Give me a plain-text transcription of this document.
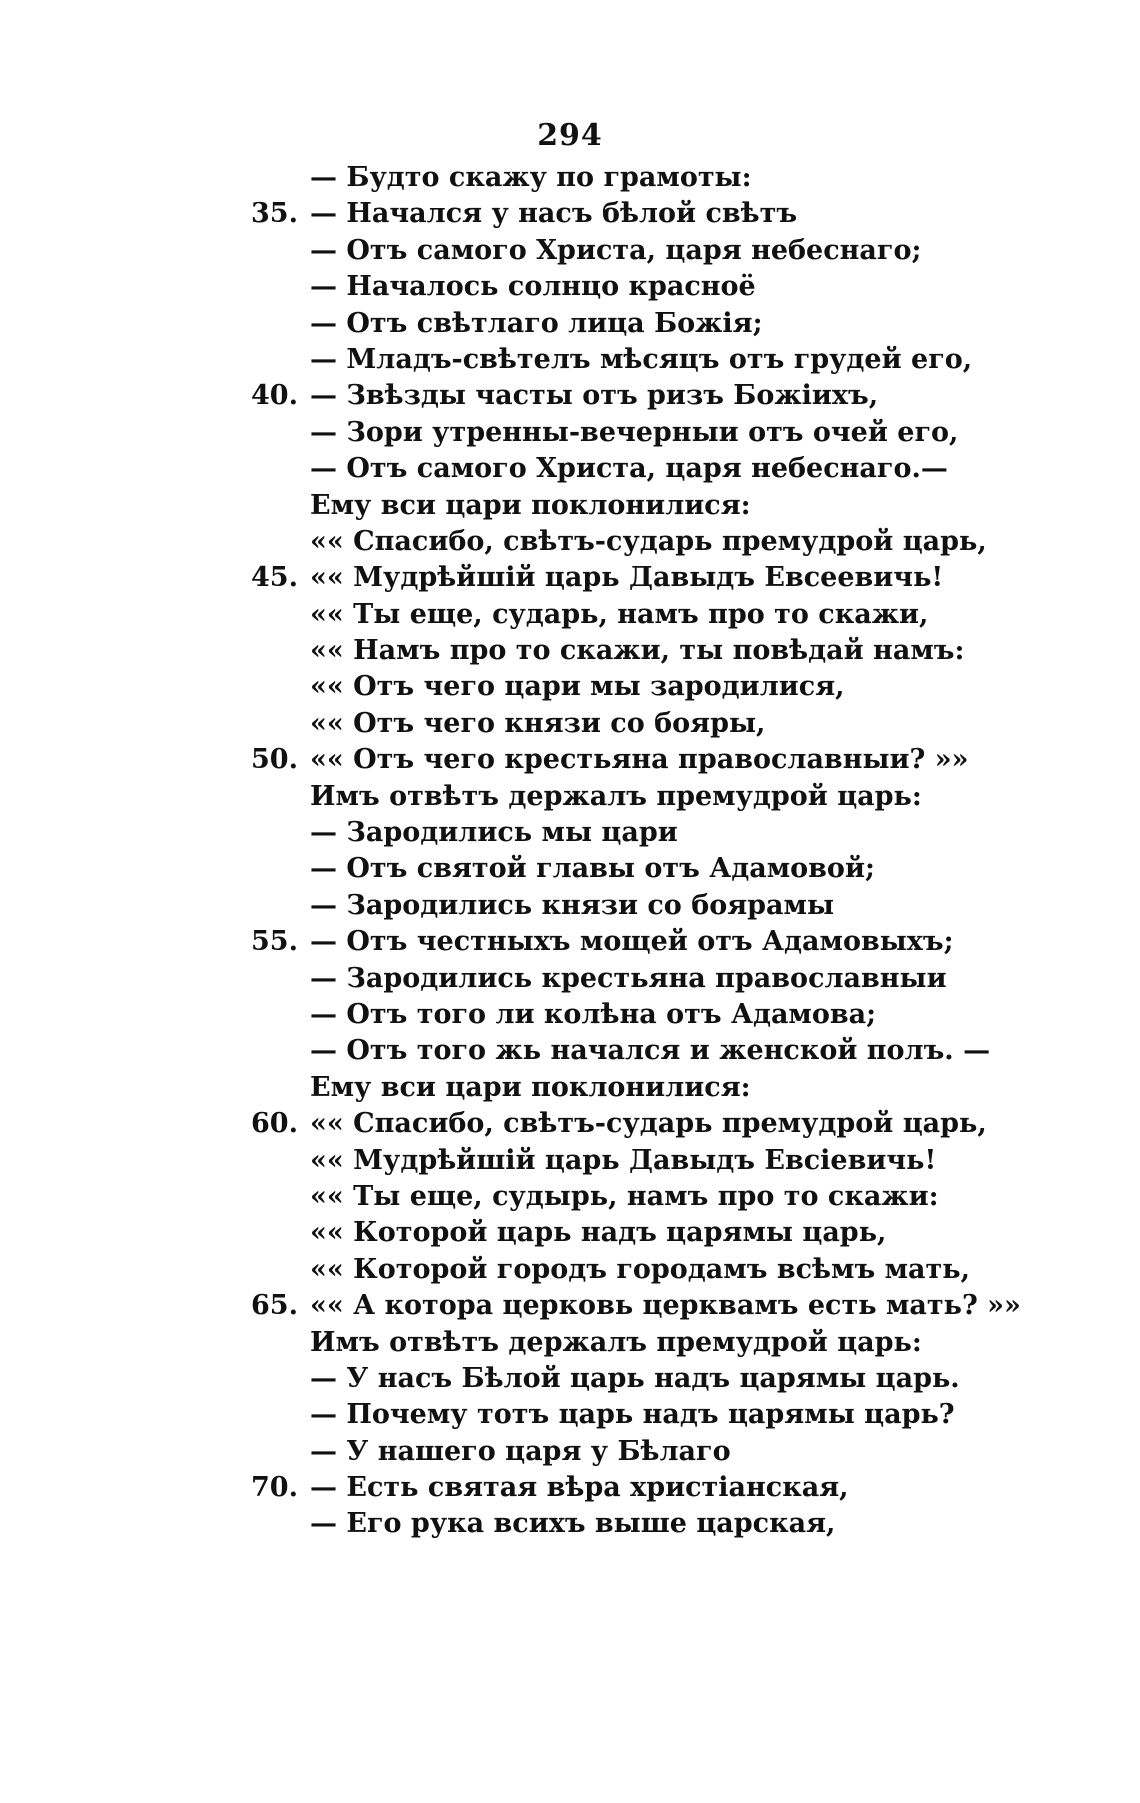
294
— Будто скажу по грамоты:
35. — Начался у насъ бѣлой свѣтъ
— Отъ самого Христа, царя небеснаго;
— Началось солнцо красноё
— Отъ свѣтлаго лица Божія;
— Младъ-свѣтелъ мѣсяцъ отъ грудей его,
40. — Звѣзды часты отъ ризъ Божіихъ,
— Зори утренны-вечерныи отъ очей его,
— Отъ самого Христа, царя небеснаго.—
Ему вси цари поклонилися:
«« Спасибо, свѣтъ-сударь премудрой царь,
45. «« Мудрѣйшій царь Давыдъ Евсеевичь!
«« Ты еще, сударь, намъ про то скажи,
«« Намъ про то скажи, ты повѣдай намъ:
«« Отъ чего цари мы зародилися,
«« Отъ чего князи со бояры,
50. «« Отъ чего крестьяна православныи? »»
Имъ отвѣтъ держалъ премудрой царь:
— Зародились мы цари
— Отъ святой главы отъ Адамовой;
— Зародились князи со боярамы
55. — Отъ честныхъ мощей отъ Адамовыхъ;
— Зародились крестьяна православныи
— Отъ того ли колѣна отъ Адамова;
— Отъ того жь начался и женской полъ. —
Ему вси цари поклонилися:
60. «« Спасибо, свѣтъ-сударь премудрой царь,
«« Мудрѣйшій царь Давыдъ Евсіевичь!
«« Ты еще, судырь, намъ про то скажи:
«« Которой царь надъ царямы царь,
«« Которой городъ городамъ всѣмъ мать,
65. «« А котора церковь церквамъ есть мать? »»
Имъ отвѣтъ держалъ премудрой царь:
— У насъ Бѣлой царь надъ царямы царь.
— Почему тотъ царь надъ царямы царь?
— У нашего царя у Бѣлаго
70. — Есть святая вѣра христіанская,
— Его рука всихъ выше царская,
